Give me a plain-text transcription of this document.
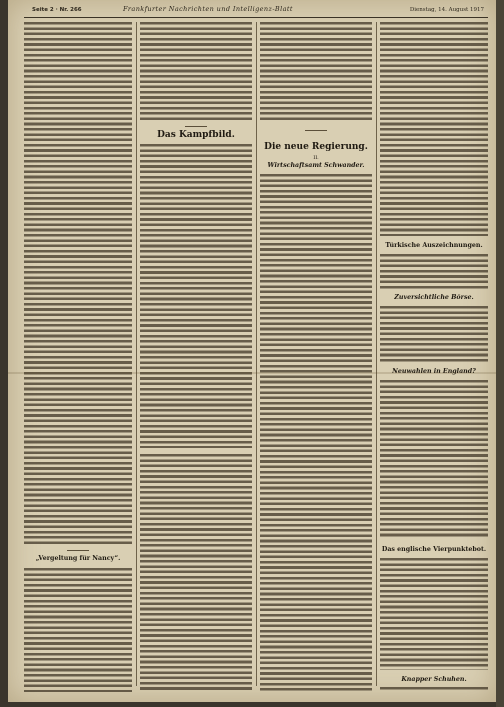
Seite 2 · Nr. 266	Frankfurter Nachrichten und Intelligenz-Blatt	Dienstag, 14. August 1917
„Vergeltung für Nancy“.
Das Kampfbild.
Die neue Regierung.
II.
Wirtschaftsamt Schwander.
Türkische Auszeichnungen.
Zuversichtliche Börse.
Neuwahlen in England?
Das englische Vierpunktebot.
Knapper Schuhen.
